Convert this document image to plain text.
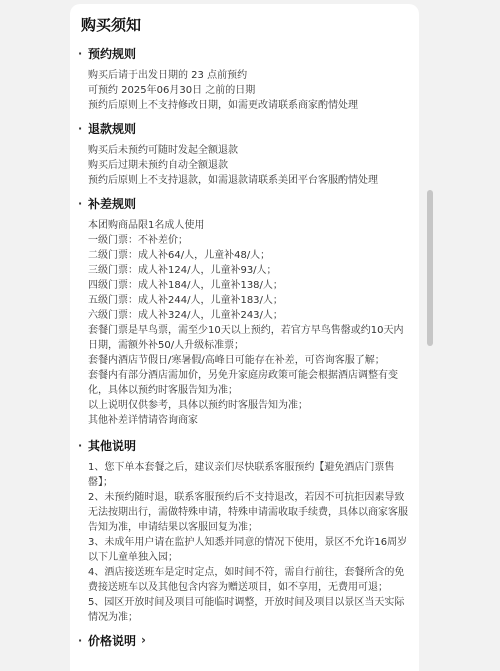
购买须知
· 预约规则
购买后请于出发日期的 23 点前预约
可预约 2025年06月30日 之前的日期
预约后原则上不支持修改日期，如需更改请联系商家酌情处理
· 退款规则
购买后未预约可随时发起全额退款
购买后过期未预约自动全额退款
预约后原则上不支持退款，如需退款请联系美团平台客服酌情处理
· 补差规则
本团购商品限1名成人使用
一级门票：不补差价；
二级门票：成人补64/人，儿童补48/人；
三级门票：成人补124/人，儿童补93/人；
四级门票：成人补184/人，儿童补138/人；
五级门票：成人补244/人，儿童补183/人；
六级门票：成人补324/人，儿童补243/人；
套餐门票是早鸟票，需至少10天以上预约，若官方早鸟售罄或约10天内日期，需额外补50/人升级标准票；
套餐内酒店节假日/寒暑假/高峰日可能存在补差，可咨询客服了解；
套餐内有部分酒店需加价，另免升家庭房政策可能会根据酒店调整有变化，具体以预约时客服告知为准；
以上说明仅供参考，具体以预约时客服告知为准；
其他补差详情请咨询商家
· 其他说明
1、您下单本套餐之后，建议亲们尽快联系客服预约【避免酒店门票售罄】；
2、未预约随时退，联系客服预约后不支持退改，若因不可抗拒因素导致无法按期出行，需做特殊申请，特殊申请需收取手续费，具体以商家客服告知为准，申请结果以客服回复为准；
3、未成年用户请在监护人知悉并同意的情况下使用，景区不允许16周岁以下儿童单独入园；
4、酒店接送班车是定时定点，如时间不符，需自行前往，套餐所含的免费接送班车以及其他包含内容为赠送项目，如不享用，无费用可退；
5、园区开放时间及项目可能临时调整，开放时间及项目以景区当天实际情况为准；
· 价格说明 ›
